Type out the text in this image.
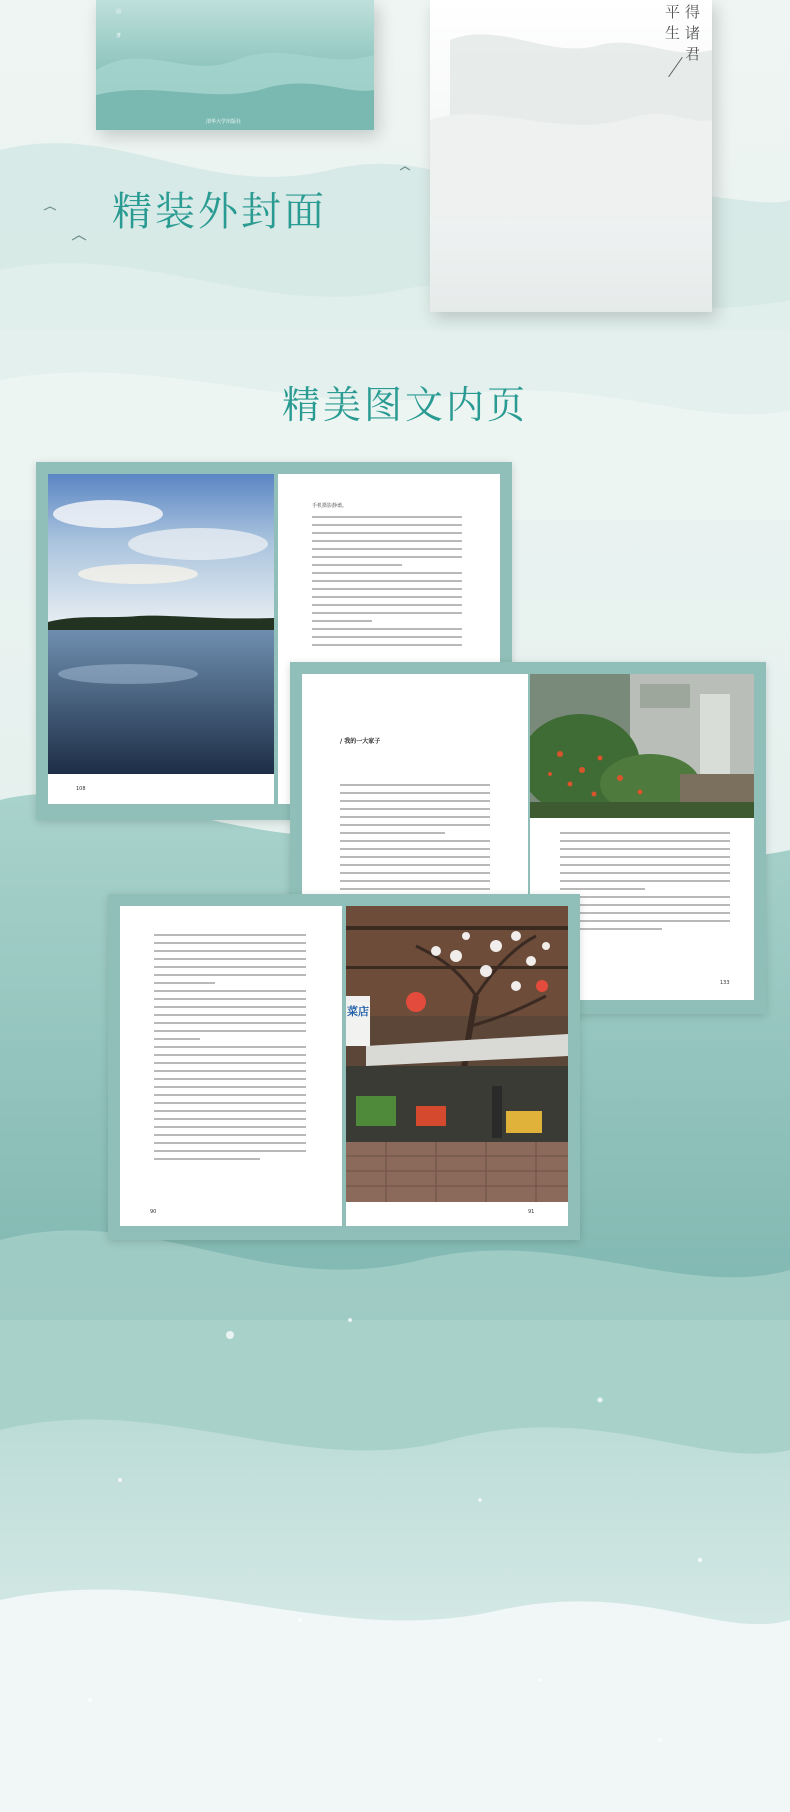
前
著
清华大学出版社
平生 得诸君
精装外封面
精美图文内页
108
手机摄影静谧。
/ 我的一大家子
133
90
菜店
91
